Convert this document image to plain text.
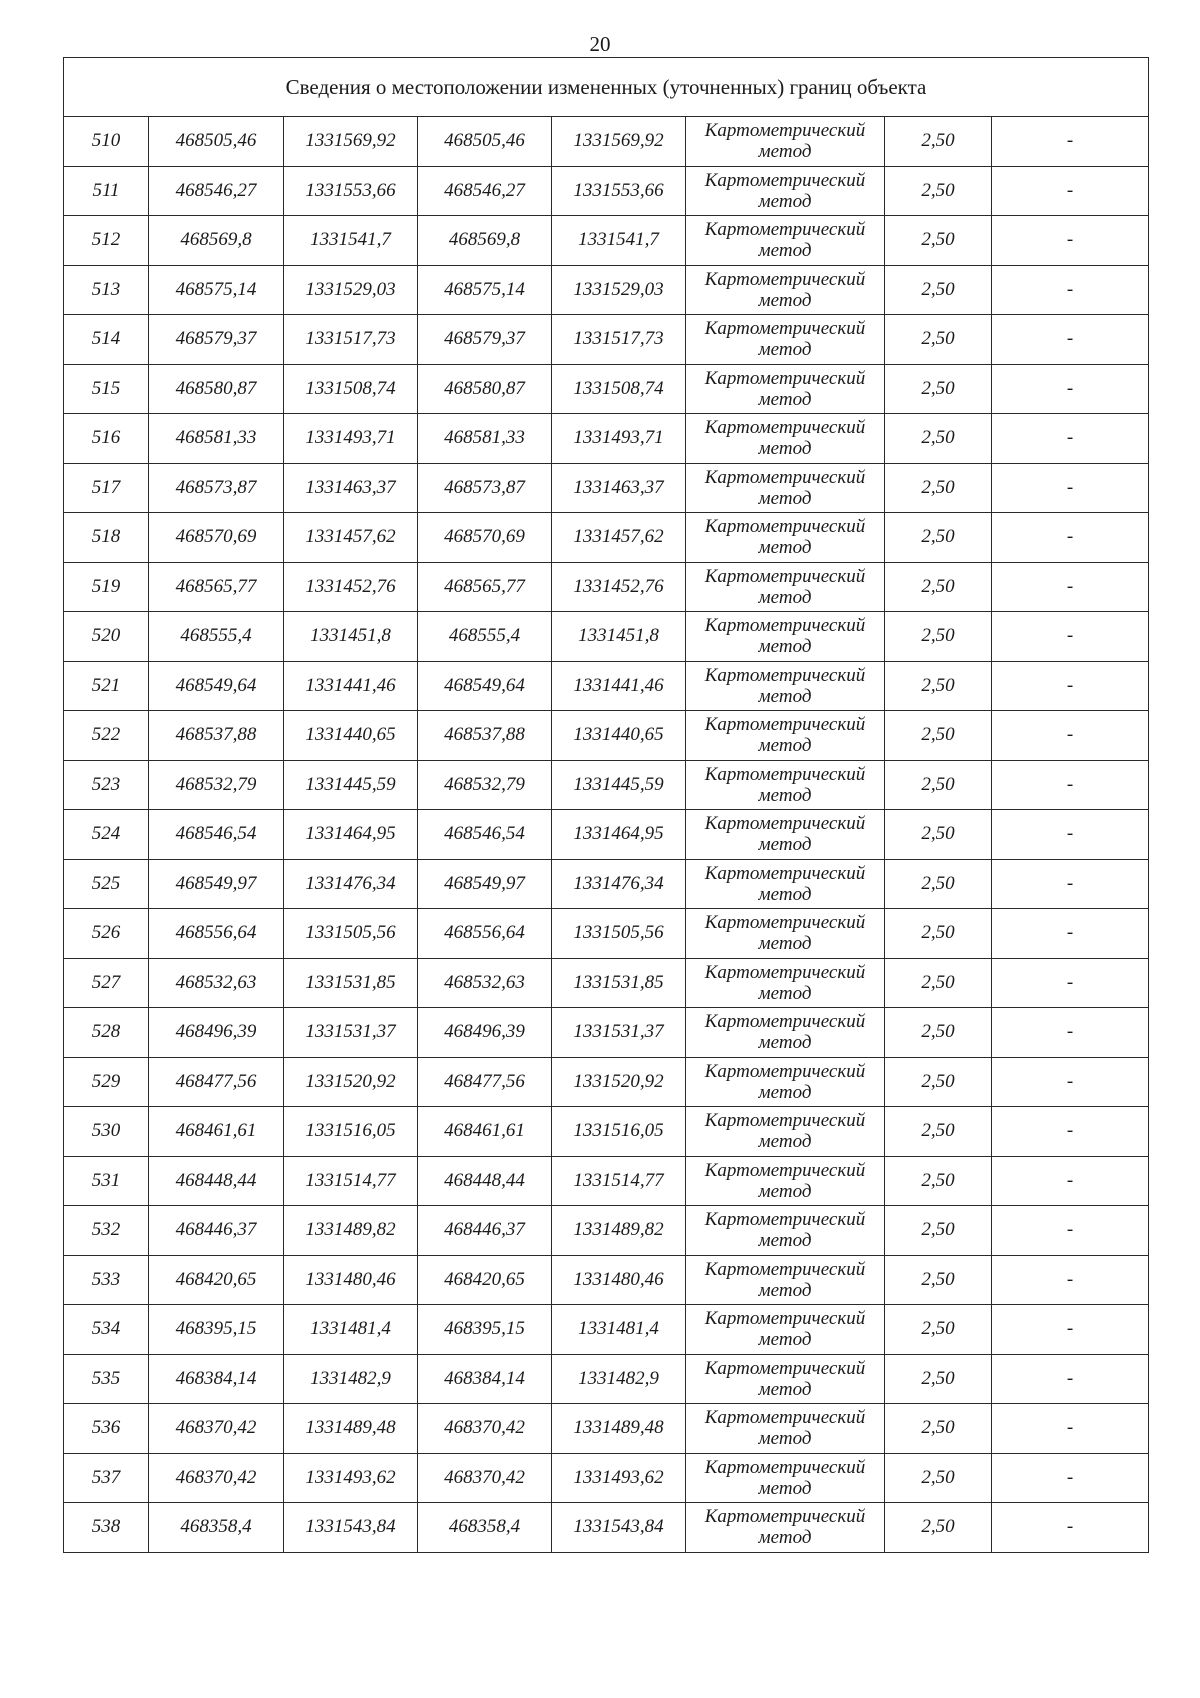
20
Сведения о местоположении измененных (уточненных) границ объекта							
510	468505,46	1331569,92	468505,46	1331569,92	Картометрический
метод	2,50	-
511	468546,27	1331553,66	468546,27	1331553,66	Картометрический
метод	2,50	-
512	468569,8	1331541,7	468569,8	1331541,7	Картометрический
метод	2,50	-
513	468575,14	1331529,03	468575,14	1331529,03	Картометрический
метод	2,50	-
514	468579,37	1331517,73	468579,37	1331517,73	Картометрический
метод	2,50	-
515	468580,87	1331508,74	468580,87	1331508,74	Картометрический
метод	2,50	-
516	468581,33	1331493,71	468581,33	1331493,71	Картометрический
метод	2,50	-
517	468573,87	1331463,37	468573,87	1331463,37	Картометрический
метод	2,50	-
518	468570,69	1331457,62	468570,69	1331457,62	Картометрический
метод	2,50	-
519	468565,77	1331452,76	468565,77	1331452,76	Картометрический
метод	2,50	-
520	468555,4	1331451,8	468555,4	1331451,8	Картометрический
метод	2,50	-
521	468549,64	1331441,46	468549,64	1331441,46	Картометрический
метод	2,50	-
522	468537,88	1331440,65	468537,88	1331440,65	Картометрический
метод	2,50	-
523	468532,79	1331445,59	468532,79	1331445,59	Картометрический
метод	2,50	-
524	468546,54	1331464,95	468546,54	1331464,95	Картометрический
метод	2,50	-
525	468549,97	1331476,34	468549,97	1331476,34	Картометрический
метод	2,50	-
526	468556,64	1331505,56	468556,64	1331505,56	Картометрический
метод	2,50	-
527	468532,63	1331531,85	468532,63	1331531,85	Картометрический
метод	2,50	-
528	468496,39	1331531,37	468496,39	1331531,37	Картометрический
метод	2,50	-
529	468477,56	1331520,92	468477,56	1331520,92	Картометрический
метод	2,50	-
530	468461,61	1331516,05	468461,61	1331516,05	Картометрический
метод	2,50	-
531	468448,44	1331514,77	468448,44	1331514,77	Картометрический
метод	2,50	-
532	468446,37	1331489,82	468446,37	1331489,82	Картометрический
метод	2,50	-
533	468420,65	1331480,46	468420,65	1331480,46	Картометрический
метод	2,50	-
534	468395,15	1331481,4	468395,15	1331481,4	Картометрический
метод	2,50	-
535	468384,14	1331482,9	468384,14	1331482,9	Картометрический
метод	2,50	-
536	468370,42	1331489,48	468370,42	1331489,48	Картометрический
метод	2,50	-
537	468370,42	1331493,62	468370,42	1331493,62	Картометрический
метод	2,50	-
538	468358,4	1331543,84	468358,4	1331543,84	Картометрический
метод	2,50	-
